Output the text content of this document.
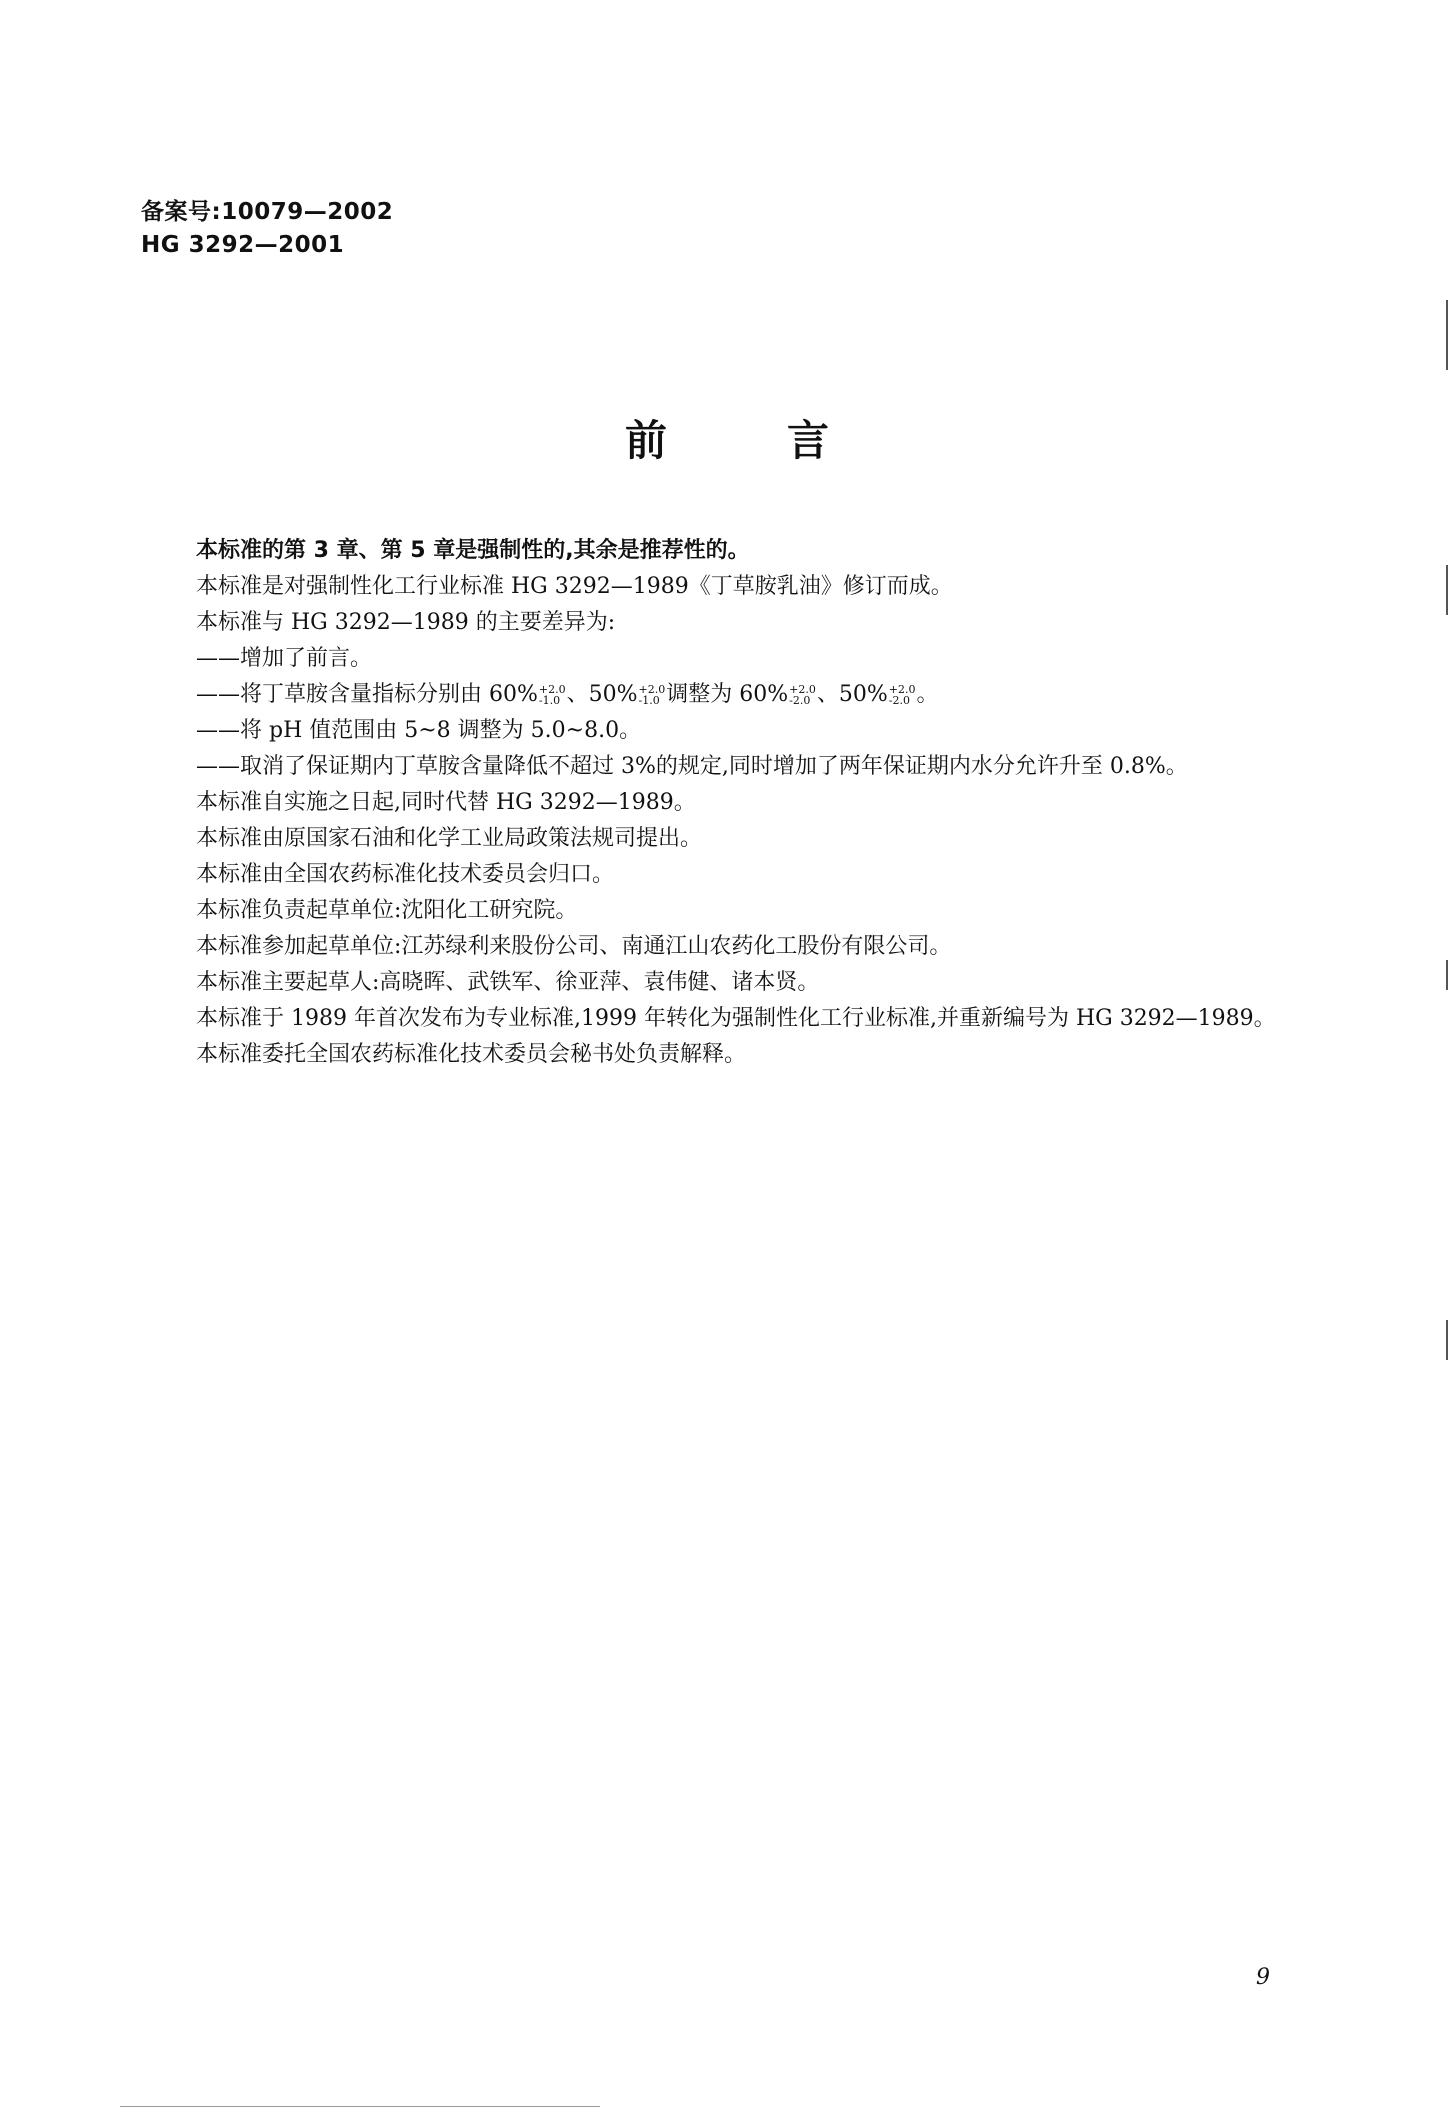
备案号:10079—2002
HG 3292—2001
前言

本标准的第 3 章、第 5 章是强制性的,其余是推荐性的。

本标准是对强制性化工行业标准 HG 3292—1989《丁草胺乳油》修订而成。

本标准与 HG 3292—1989 的主要差异为:

——增加了前言。

——将丁草胺含量指标分别由 60% +2.0
-1.0 、50% +2.0
-1.0 调整为 60% +2.0
-2.0 、50% +2.0
-2.0 。

——将 pH 值范围由 5~8 调整为 5.0~8.0。

——取消了保证期内丁草胺含量降低不超过 3%的规定,同时增加了两年保证期内水分允许升至 0.8%。

本标准自实施之日起,同时代替 HG 3292—1989。

本标准由原国家石油和化学工业局政策法规司提出。

本标准由全国农药标准化技术委员会归口。

本标准负责起草单位:沈阳化工研究院。

本标准参加起草单位:江苏绿利来股份公司、南通江山农药化工股份有限公司。

本标准主要起草人:高晓晖、武铁军、徐亚萍、袁伟健、诸本贤。

本标准于 1989 年首次发布为专业标准,1999 年转化为强制性化工行业标准,并重新编号为 HG 3292—1989。

本标准委托全国农药标准化技术委员会秘书处负责解释。

9
